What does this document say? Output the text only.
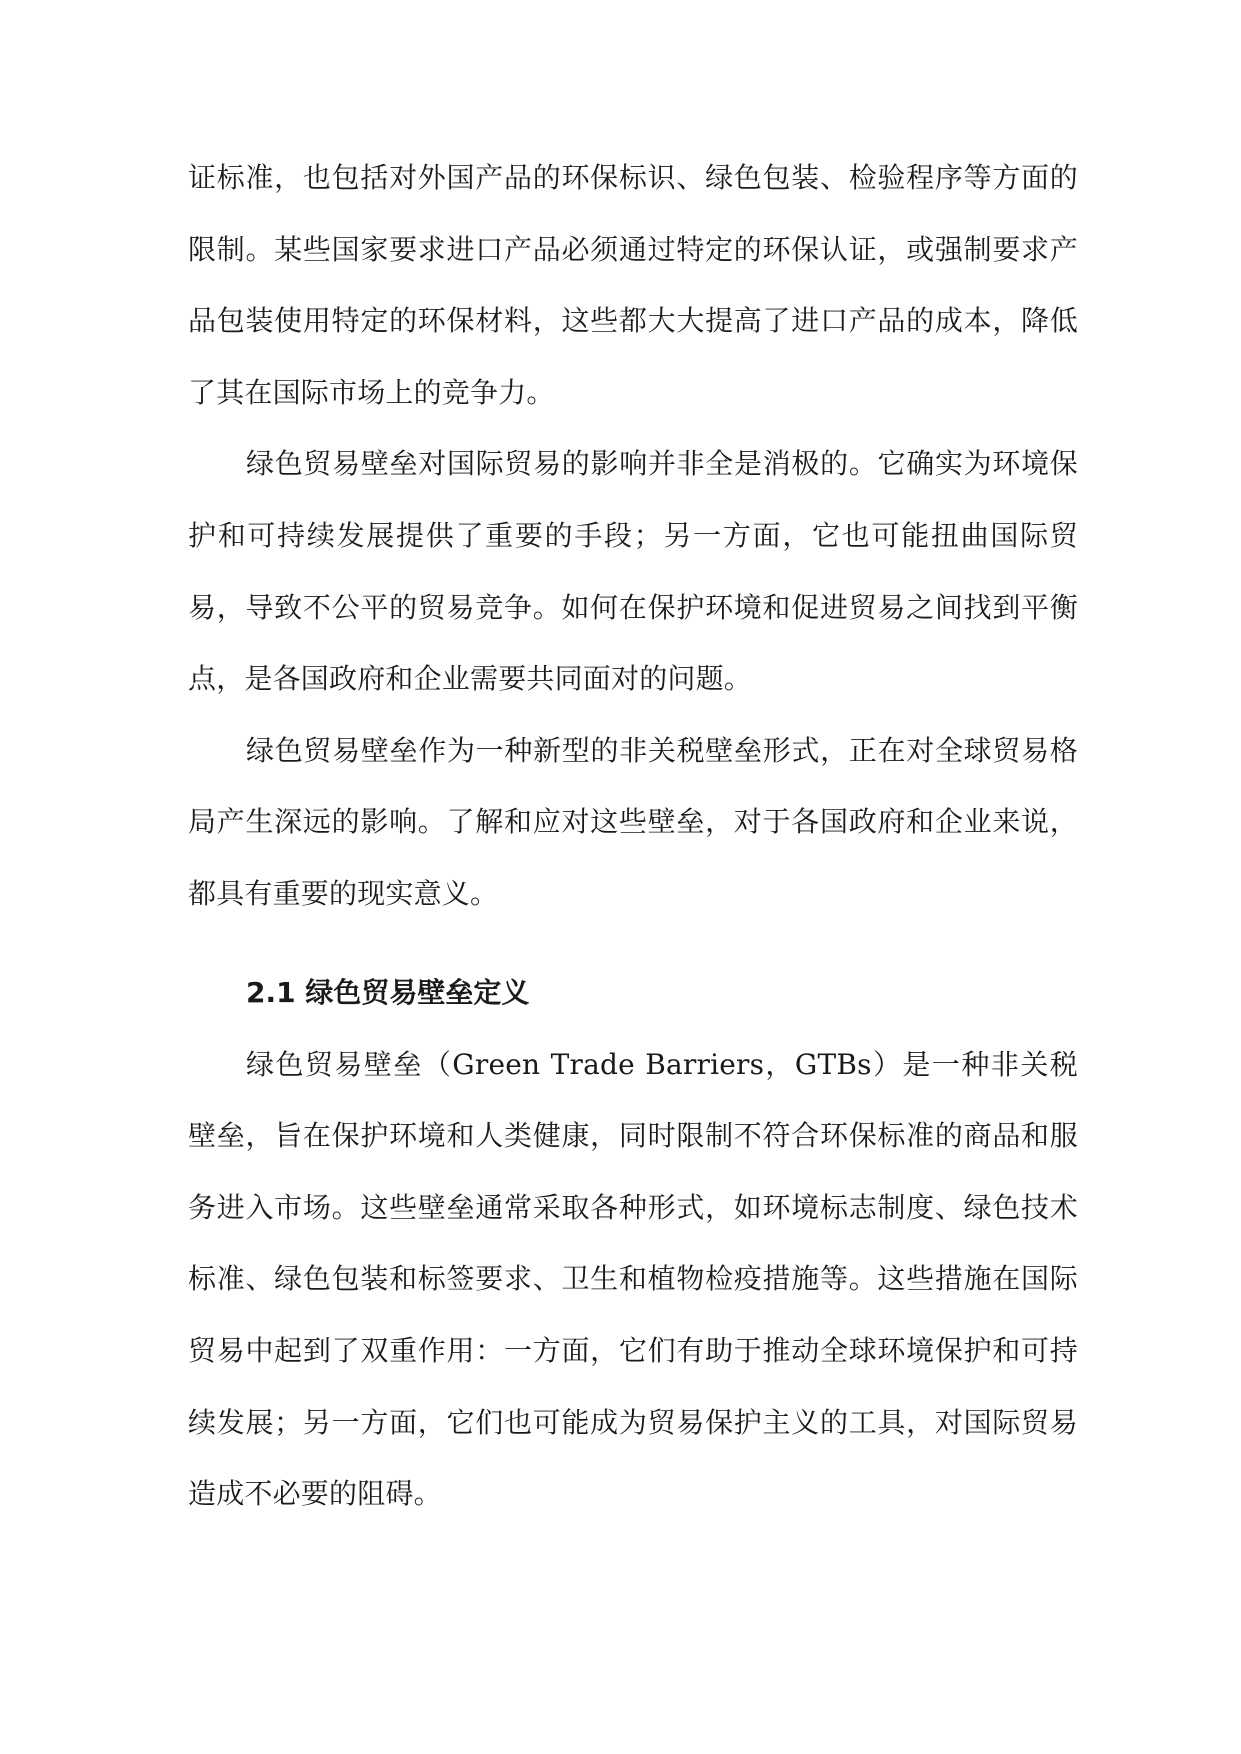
证标准，也包括对外国产品的环保标识、绿色包装、检验程序等方面的限制。某些国家要求进口产品必须通过特定的环保认证，或强制要求产品包装使用特定的环保材料，这些都大大提高了进口产品的成本，降低了其在国际市场上的竞争力。

绿色贸易壁垒对国际贸易的影响并非全是消极的。它确实为环境保护和可持续发展提供了重要的手段；另一方面，它也可能扭曲国际贸易，导致不公平的贸易竞争。如何在保护环境和促进贸易之间找到平衡点，是各国政府和企业需要共同面对的问题。

绿色贸易壁垒作为一种新型的非关税壁垒形式，正在对全球贸易格局产生深远的影响。了解和应对这些壁垒，对于各国政府和企业来说，都具有重要的现实意义。

2.1 绿色贸易壁垒定义

绿色贸易壁垒（Green Trade Barriers，GTBs）是一种非关税壁垒，旨在保护环境和人类健康，同时限制不符合环保标准的商品和服务进入市场。这些壁垒通常采取各种形式，如环境标志制度、绿色技术标准、绿色包装和标签要求、卫生和植物检疫措施等。这些措施在国际贸易中起到了双重作用：一方面，它们有助于推动全球环境保护和可持续发展；另一方面，它们也可能成为贸易保护主义的工具，对国际贸易造成不必要的阻碍。
